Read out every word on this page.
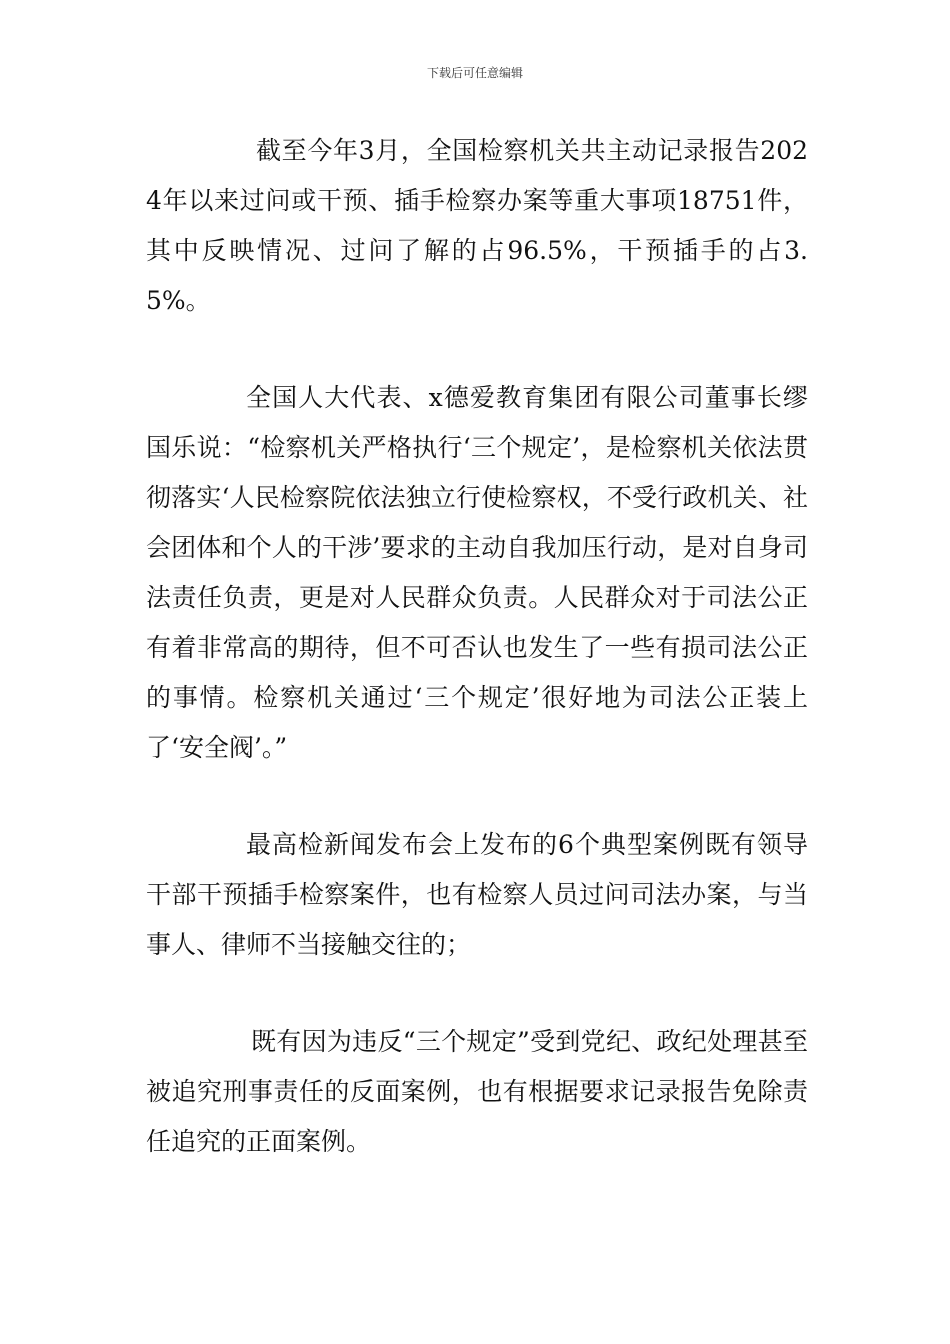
下载后可任意编辑

截至今年3月，全国检察机关共主动记录报告2024年以来过问或干预、插手检察办案等重大事项18751件，其中反映情况、过问了解的占96.5%，干预插手的占3.5%。

全国人大代表、x德爱教育集团有限公司董事长缪国乐说：“检察机关严格执行‘三个规定’，是检察机关依法贯彻落实‘人民检察院依法独立行使检察权，不受行政机关、社会团体和个人的干涉’要求的主动自我加压行动，是对自身司法责任负责，更是对人民群众负责。人民群众对于司法公正有着非常高的期待，但不可否认也发生了一些有损司法公正的事情。检察机关通过‘三个规定’很好地为司法公正装上了‘安全阀’。”

最高检新闻发布会上发布的6个典型案例既有领导干部干预插手检察案件，也有检察人员过问司法办案，与当事人、律师不当接触交往的；

既有因为违反“三个规定”受到党纪、政纪处理甚至被追究刑事责任的反面案例，也有根据要求记录报告免除责任追究的正面案例。
